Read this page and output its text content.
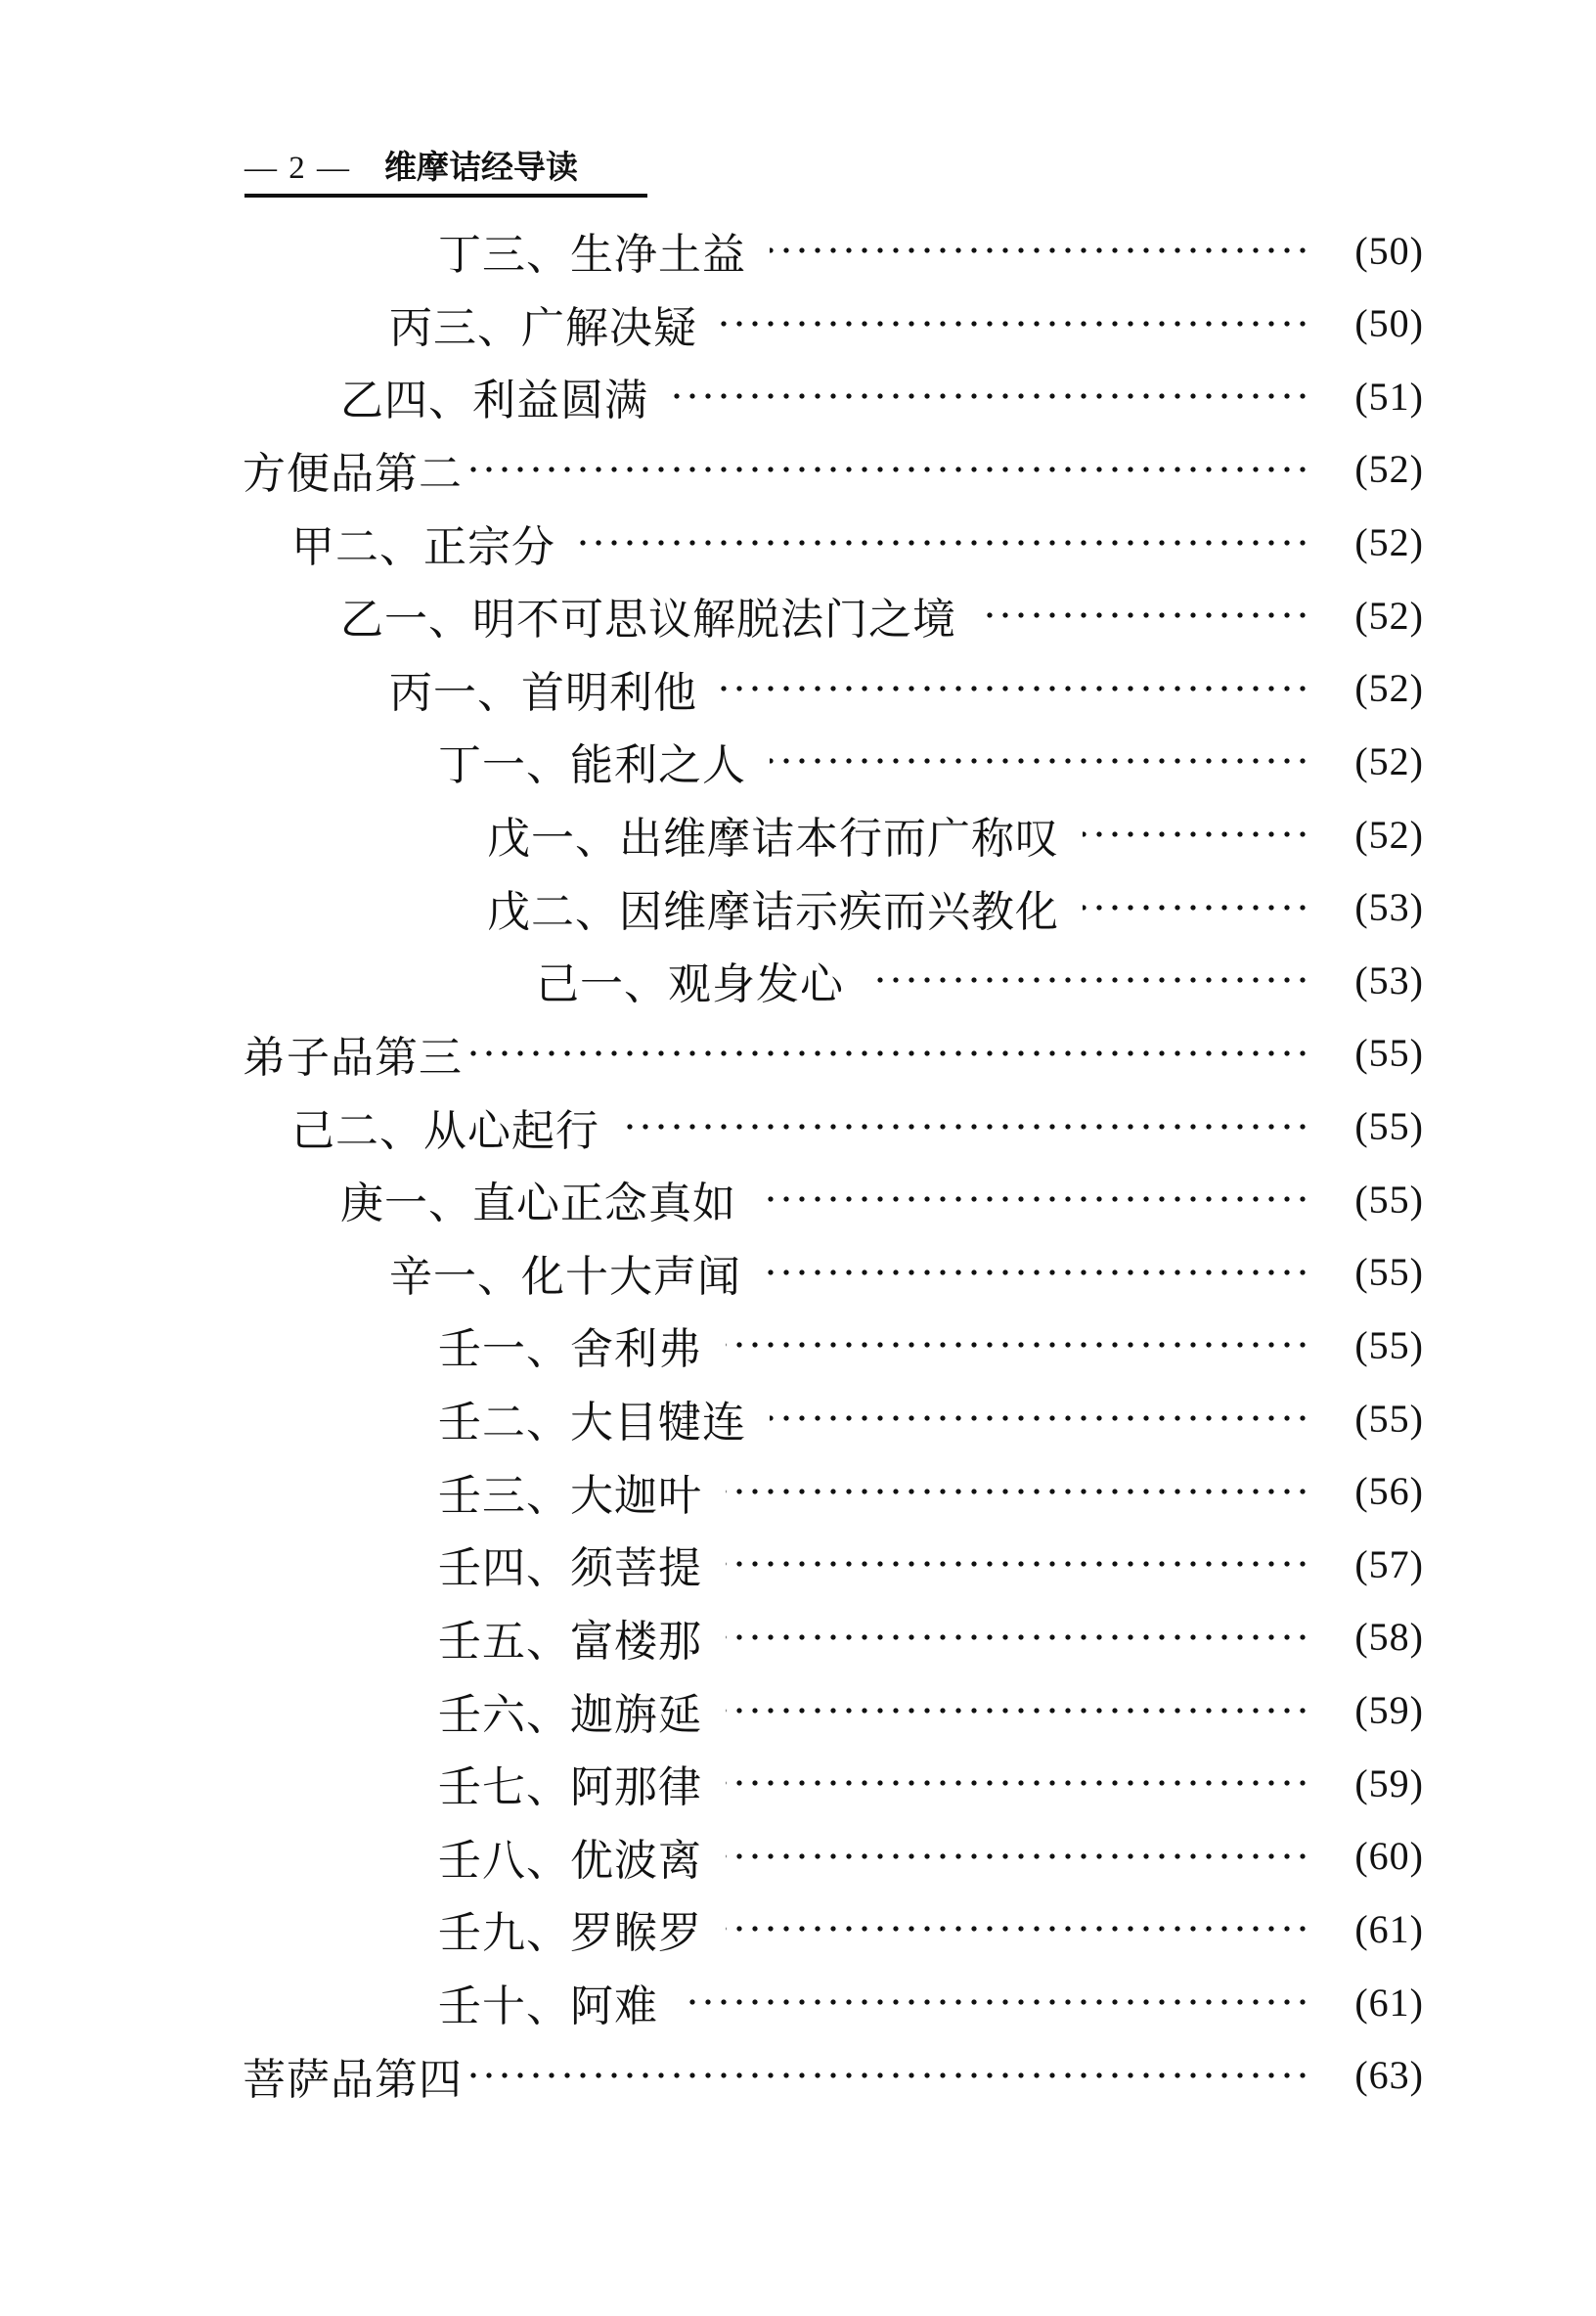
— 2 — 维摩诘经导读
丁三、生净土益	(50)
丙三、广解决疑	(50)
乙四、利益圆满	(51)
方便品第二	(52)
甲二、正宗分	(52)
乙一、明不可思议解脱法门之境	(52)
丙一、首明利他	(52)
丁一、能利之人	(52)
戊一、出维摩诘本行而广称叹	(52)
戊二、因维摩诘示疾而兴教化	(53)
己一、观身发心	(53)
弟子品第三	(55)
己二、从心起行	(55)
庚一、直心正念真如	(55)
辛一、化十大声闻	(55)
壬一、舍利弗	(55)
壬二、大目犍连	(55)
壬三、大迦叶	(56)
壬四、须菩提	(57)
壬五、富楼那	(58)
壬六、迦旃延	(59)
壬七、阿那律	(59)
壬八、优波离	(60)
壬九、罗睺罗	(61)
壬十、阿难	(61)
菩萨品第四	(63)
